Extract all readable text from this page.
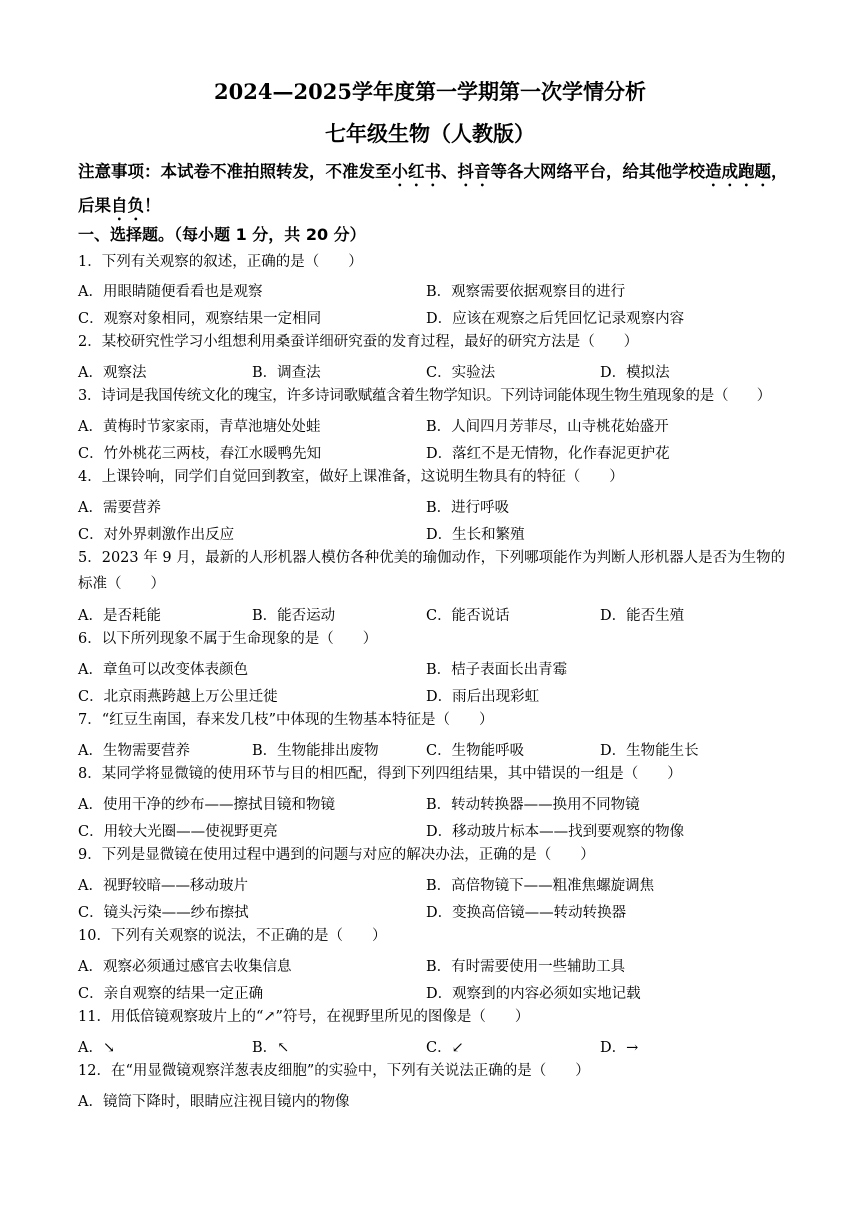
2024—2025学年度第一学期第一次学情分析
七年级生物（人教版）
注意事项：本试卷不准拍照转发，不准发至小红书、抖音等各大网络平台，给其他学校造成跑题，后果自负！
一、选择题。（每小题 1 分，共 20 分）
1．下列有关观察的叙述，正确的是（　　）
A．用眼睛随便看看也是观察	B．观察需要依据观察目的进行
C．观察对象相同，观察结果一定相同	D．应该在观察之后凭回忆记录观察内容
2．某校研究性学习小组想利用桑蚕详细研究蚕的发育过程，最好的研究方法是（　　）
A．观察法	B．调查法	C．实验法	D．模拟法
3．诗词是我国传统文化的瑰宝，许多诗词歌赋蕴含着生物学知识。下列诗词能体现生物生殖现象的是（　　）
A．黄梅时节家家雨，青草池塘处处蛙	B．人间四月芳菲尽，山寺桃花始盛开
C．竹外桃花三两枝，春江水暖鸭先知	D．落红不是无情物，化作春泥更护花
4．上课铃响，同学们自觉回到教室，做好上课准备，这说明生物具有的特征（　　）
A．需要营养	B．进行呼吸
C．对外界刺激作出反应	D．生长和繁殖
5．2023 年 9 月，最新的人形机器人模仿各种优美的瑜伽动作，下列哪项能作为判断人形机器人是否为生物的标准（　　）
A．是否耗能	B．能否运动	C．能否说话	D．能否生殖
6．以下所列现象不属于生命现象的是（　　）
A．章鱼可以改变体表颜色	B．桔子表面长出青霉
C．北京雨燕跨越上万公里迁徙	D．雨后出现彩虹
7．“红豆生南国，春来发几枝”中体现的生物基本特征是（　　）
A．生物需要营养	B．生物能排出废物	C．生物能呼吸	D．生物能生长
8．某同学将显微镜的使用环节与目的相匹配，得到下列四组结果，其中错误的一组是（　　）
A．使用干净的纱布——擦拭目镜和物镜	B．转动转换器——换用不同物镜
C．用较大光圈——使视野更亮	D．移动玻片标本——找到要观察的物像
9．下列是显微镜在使用过程中遇到的问题与对应的解决办法，正确的是（　　）
A．视野较暗——移动玻片	B．高倍物镜下——粗准焦螺旋调焦
C．镜头污染——纱布擦拭	D．变换高倍镜——转动转换器
10．下列有关观察的说法，不正确的是（　　）
A．观察必须通过感官去收集信息	B．有时需要使用一些辅助工具
C．亲自观察的结果一定正确	D．观察到的内容必须如实地记载
11．用低倍镜观察玻片上的“↗”符号，在视野里所见的图像是（　　）
A．↘	B．↖	C．↙	D．→
12．在“用显微镜观察洋葱表皮细胞”的实验中，下列有关说法正确的是（　　）
A．镜筒下降时，眼睛应注视目镜内的物像
